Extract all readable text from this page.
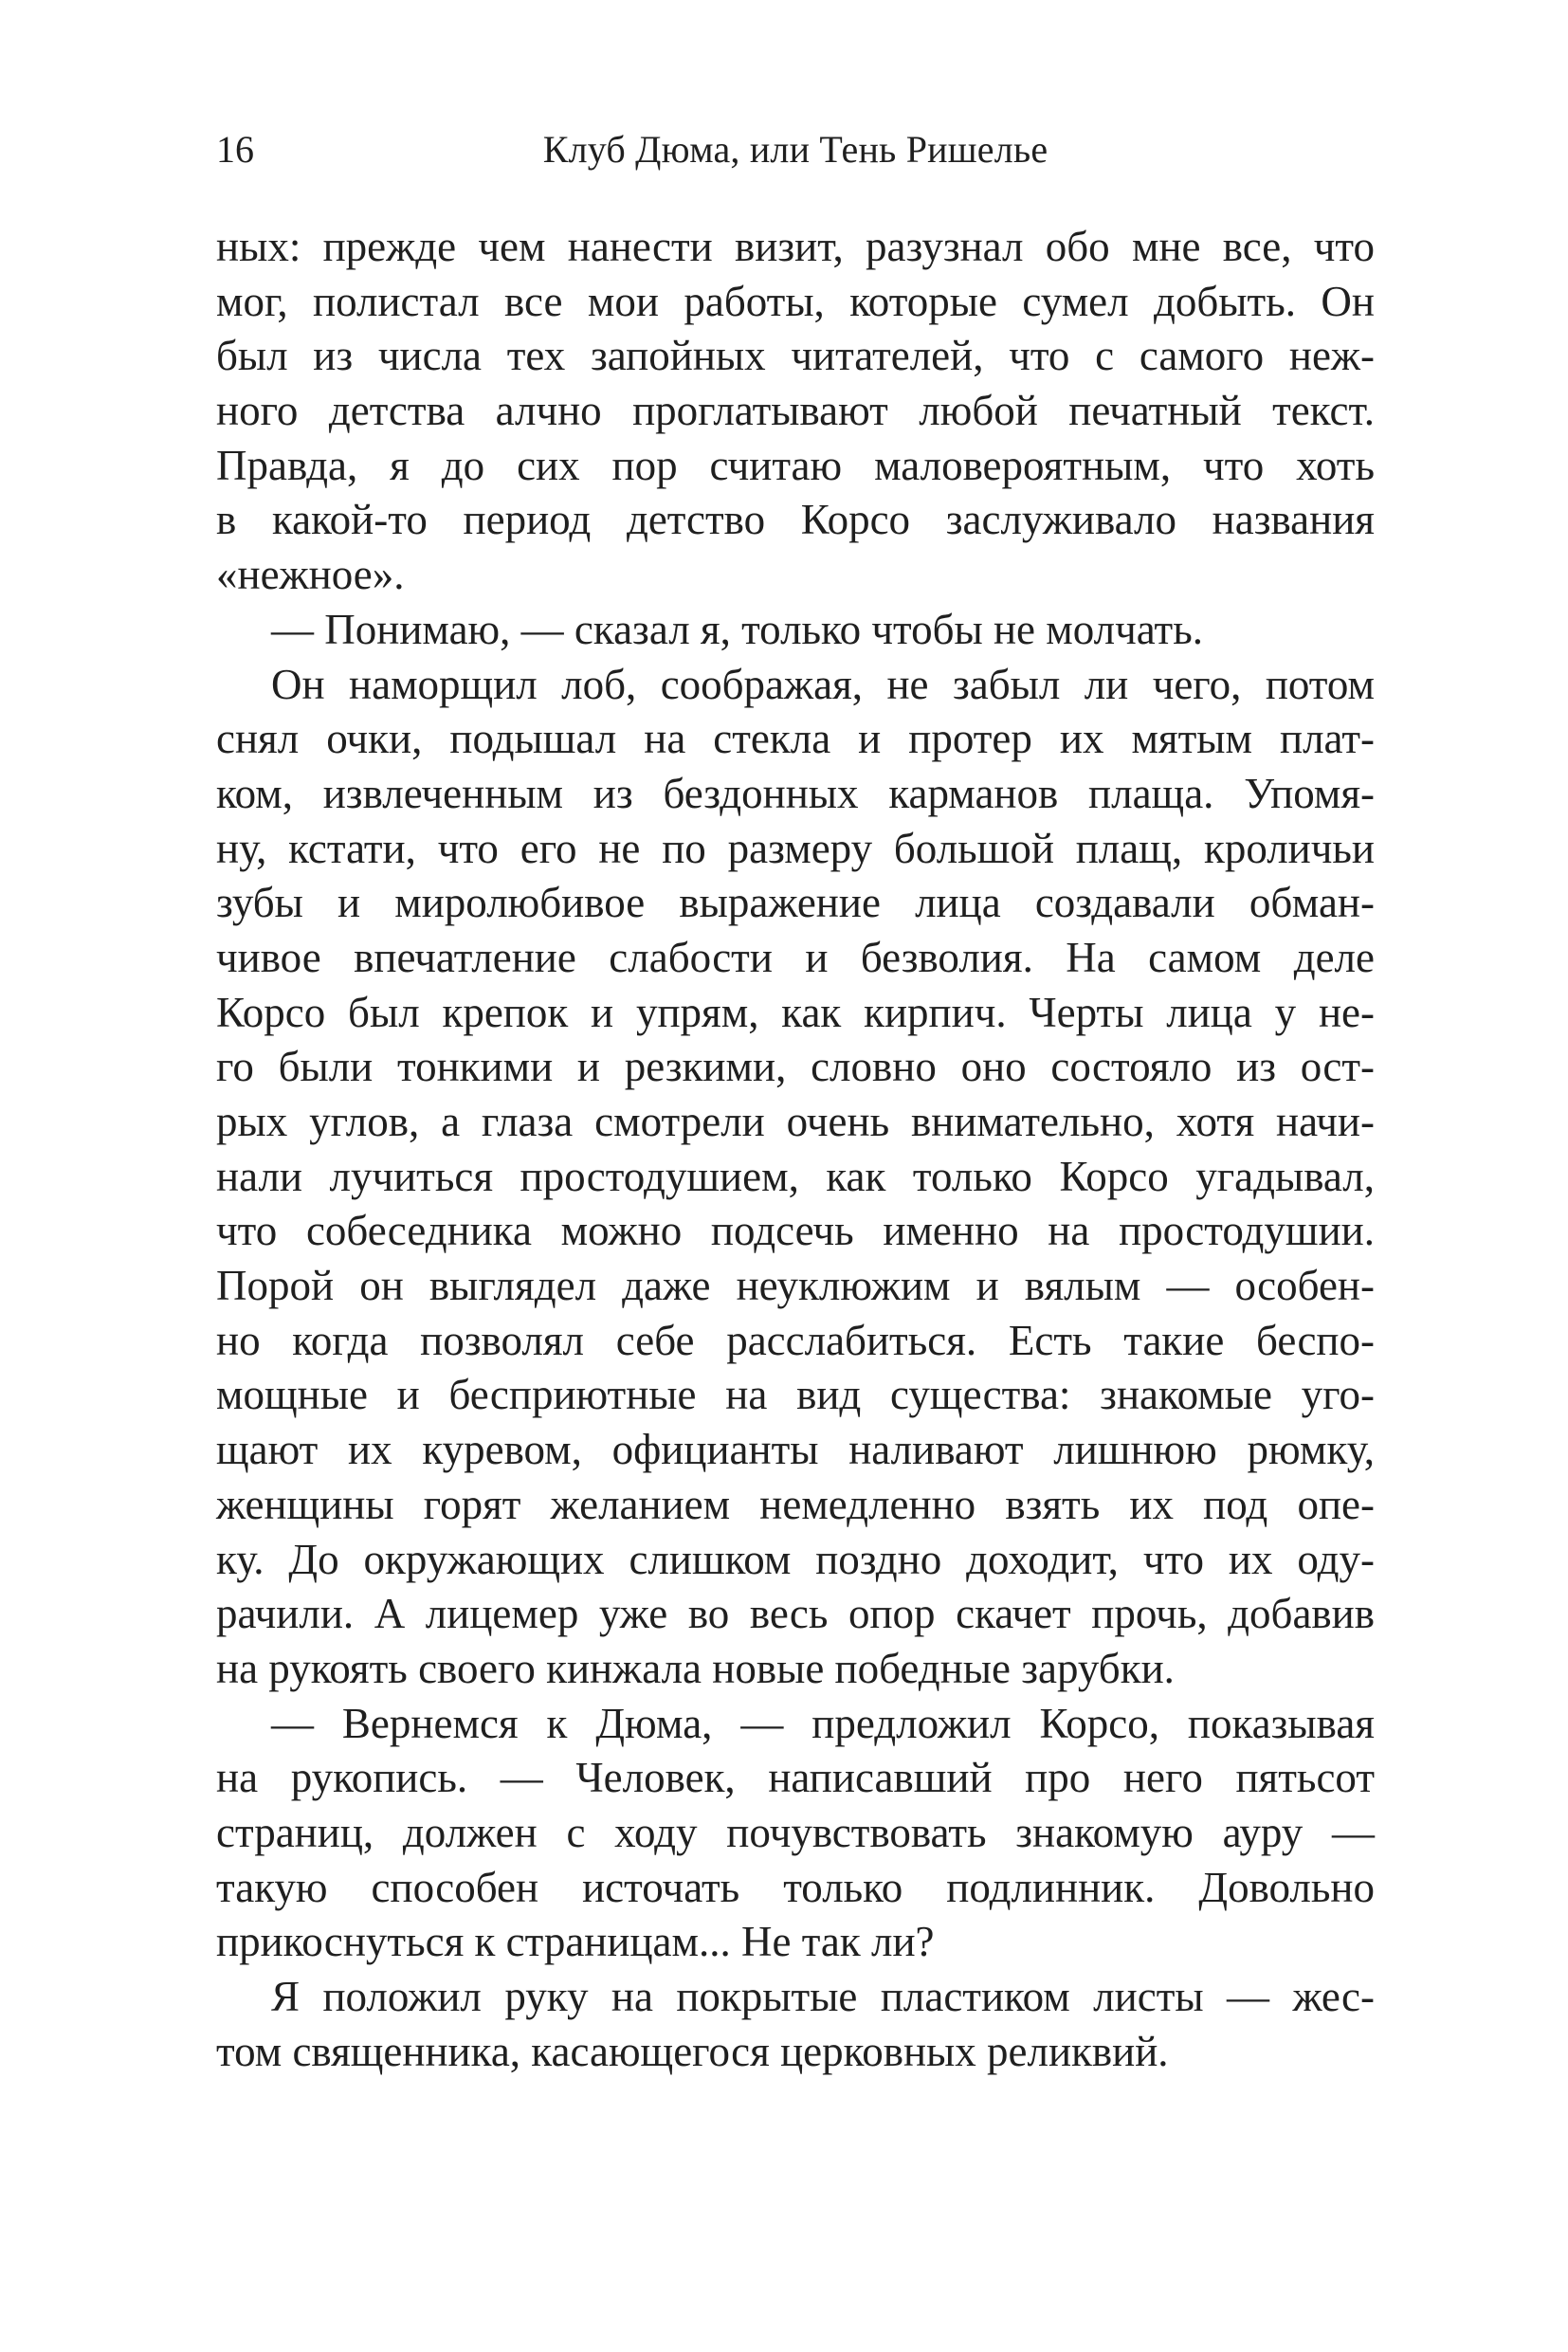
16	Клуб Дюма, или Тень Ришелье
ных: прежде чем нанести визит, разузнал обо мне все, что
мог, полистал все мои работы, которые сумел добыть. Он
был из числа тех запойных читателей, что с самого неж-
ного детства алчно проглатывают любой печатный текст.
Правда, я до сих пор считаю маловероятным, что хоть
в какой-то период детство Корсо заслуживало названия
«нежное».
— Понимаю, — сказал я, только чтобы не молчать.
Он наморщил лоб, соображая, не забыл ли чего, потом
снял очки, подышал на стекла и протер их мятым плат-
ком, извлеченным из бездонных карманов плаща. Упомя-
ну, кстати, что его не по размеру большой плащ, кроличьи
зубы и миролюбивое выражение лица создавали обман-
чивое впечатление слабости и безволия. На самом деле
Корсо был крепок и упрям, как кирпич. Черты лица у не-
го были тонкими и резкими, словно оно состояло из ост-
рых углов, а глаза смотрели очень внимательно, хотя начи-
нали лучиться простодушием, как только Корсо угадывал,
что собеседника можно подсечь именно на простодушии.
Порой он выглядел даже неуклюжим и вялым — особен-
но когда позволял себе расслабиться. Есть такие беспо-
мощные и бесприютные на вид существа: знакомые уго-
щают их куревом, официанты наливают лишнюю рюмку,
женщины горят желанием немедленно взять их под опе-
ку. До окружающих слишком поздно доходит, что их оду-
рачили. А лицемер уже во весь опор скачет прочь, добавив
на рукоять своего кинжала новые победные зарубки.
— Вернемся к Дюма, — предложил Корсо, показывая
на рукопись. — Человек, написавший про него пятьсот
страниц, должен с ходу почувствовать знакомую ауру —
такую способен источать только подлинник. Довольно
прикоснуться к страницам... Не так ли?
Я положил руку на покрытые пластиком листы — жес-
том священника, касающегося церковных реликвий.
